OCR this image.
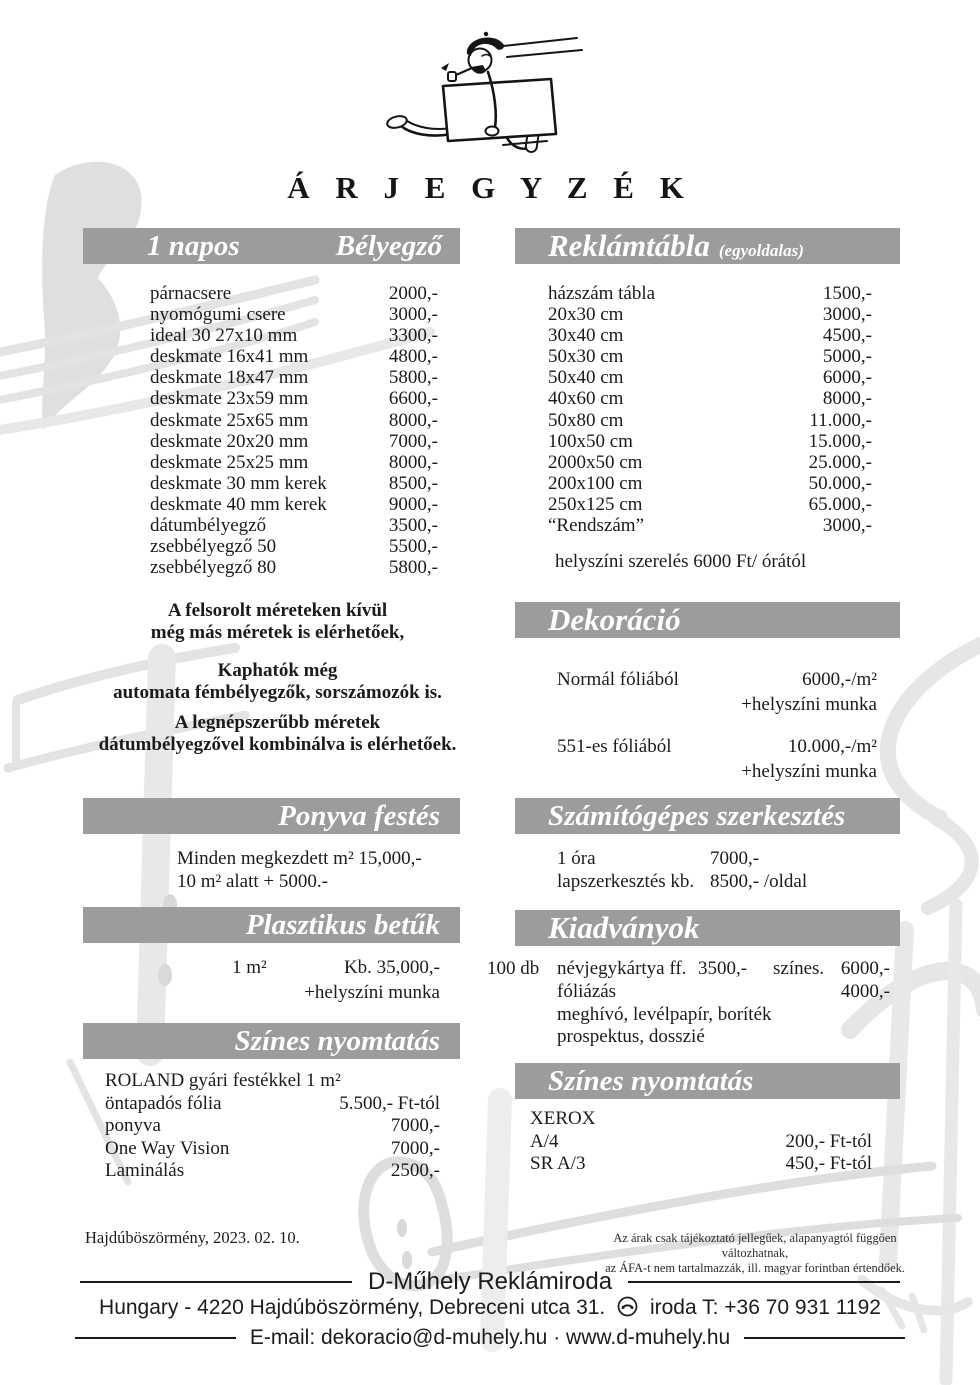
Á R J E G Y Z É K
1 napos	Bélyegző
párnacsere	2000,-
nyomógumi csere	3000,-
ideal 30 27x10 mm	3300,-
deskmate 16x41 mm	4800,-
deskmate 18x47 mm	5800,-
deskmate 23x59 mm	6600,-
deskmate 25x65 mm	8000,-
deskmate 20x20 mm	7000,-
deskmate 25x25 mm	8000,-
deskmate 30 mm kerek	8500,-
deskmate 40 mm kerek	9000,-
dátumbélyegző	3500,-
zsebbélyegző 50	5500,-
zsebbélyegző 80	5800,-
A felsorolt méreteken kívül
még más méretek is elérhetőek,
Kaphatók még
automata fémbélyegzők, sorszámozók is.
A legnépszerűbb méretek
dátumbélyegzővel kombinálva is elérhetőek.
Ponyva festés
Minden megkezdett m² 15,000,-
10 m² alatt + 5000.-
Plasztikus betűk
1 m²	Kb. 35,000,-
+helyszíni munka
Színes nyomtatás
ROLAND gyári festékkel 1 m²
öntapadós fólia	5.500,- Ft-tól
ponyva	7000,-
One Way Vision	7000,-
Laminálás	2500,-
Reklámtábla (egyoldalas)
házszám tábla	1500,-
20x30 cm	3000,-
30x40 cm	4500,-
50x30 cm	5000,-
50x40 cm	6000,-
40x60 cm	8000,-
50x80 cm	11.000,-
100x50 cm	15.000,-
2000x50 cm	25.000,-
200x100 cm	50.000,-
250x125 cm	65.000,-
“Rendszám”	3000,-
helyszíni szerelés 6000 Ft/ órától
Dekoráció
Normál fóliából	6000,-/m²
+helyszíni munka
551-es fóliából	10.000,-/m²
+helyszíni munka
Számítógépes szerkesztés
1 óra	7000,-
lapszerkesztés kb. 8500,- /oldal
Kiadványok
100 db névjegykártya ff. 3500,- színes. 6000,-
fóliázás	4000,-
meghívó, levélpapír, boríték
prospektus, dosszié
Színes nyomtatás
XEROX
A/4	200,- Ft-tól
SR A/3	450,- Ft-tól
Hajdúböszörmény, 2023. 02. 10.	Az árak csak tájékoztató jellegűek, alapanyagtól függően változhatnak,
az ÁFA-t nem tartalmazzák, ill. magyar forintban értendőek.
D-Műhely Reklámiroda
Hungary - 4220 Hajdúböszörmény, Debreceni utca 31. iroda T: +36 70 931 1192
E-mail: dekoracio@d-muhely.hu · www.d-muhely.hu
